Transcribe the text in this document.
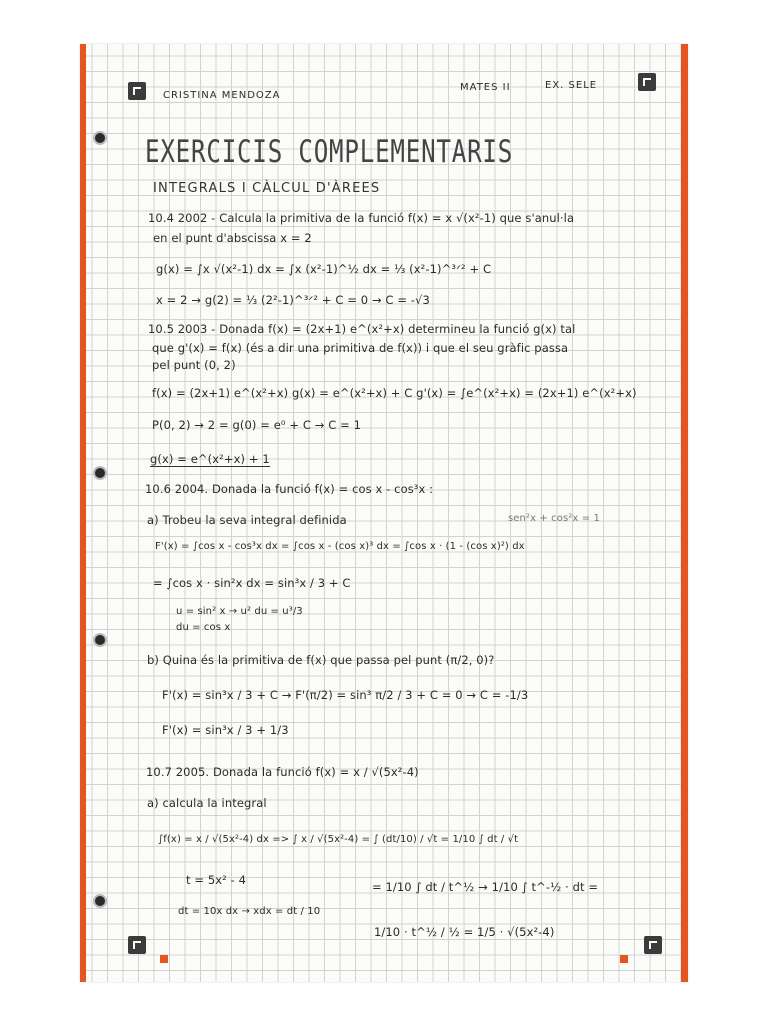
CRISTINA MENDOZA
MATES II	EX. SELE
EXERCICIS COMPLEMENTARIS
INTEGRALS I CÀLCUL D'ÀREES
10.4 2002 - Calcula la primitiva de la funció f(x) = x √(x²-1) que s'anul·la
en el punt d'abscissa x = 2
g(x) = ∫x √(x²-1) dx = ∫x (x²-1)^½ dx = ⅓ (x²-1)^³ᐟ² + C
x = 2 → g(2) = ⅓ (2²-1)^³ᐟ² + C = 0 → C = -√3
10.5 2003 - Donada f(x) = (2x+1) e^(x²+x) determineu la funció g(x) tal
que g'(x) = f(x) (és a dir una primitiva de f(x)) i que el seu gràfic passa
pel punt (0, 2)
f(x) = (2x+1) e^(x²+x) g(x) = e^(x²+x) + C g'(x) = ∫e^(x²+x) = (2x+1) e^(x²+x)
P(0, 2) → 2 = g(0) = e⁰ + C → C = 1
g(x) = e^(x²+x) + 1
10.6 2004. Donada la funció f(x) = cos x - cos³x :
a) Trobeu la seva integral definida	sen²x + cos²x = 1
F'(x) = ∫cos x - cos³x dx = ∫cos x - (cos x)³ dx = ∫cos x · (1 - (cos x)²) dx
= ∫cos x · sin²x dx = sin³x / 3 + C
u = sin² x → u² du = u³/3
du = cos x
b) Quina és la primitiva de f(x) que passa pel punt (π/2, 0)?
F'(x) = sin³x / 3 + C → F'(π/2) = sin³ π/2 / 3 + C = 0 → C = -1/3
F'(x) = sin³x / 3 + 1/3
10.7 2005. Donada la funció f(x) = x / √(5x²-4)
a) calcula la integral
∫f(x) = x / √(5x²-4) dx => ∫ x / √(5x²-4) = ∫ (dt/10) / √t = 1/10 ∫ dt / √t
t = 5x² - 4	= 1/10 ∫ dt / t^½ → 1/10 ∫ t^-½ · dt =
dt = 10x dx → xdx = dt / 10
1/10 · t^½ / ½ = 1/5 · √(5x²-4)
